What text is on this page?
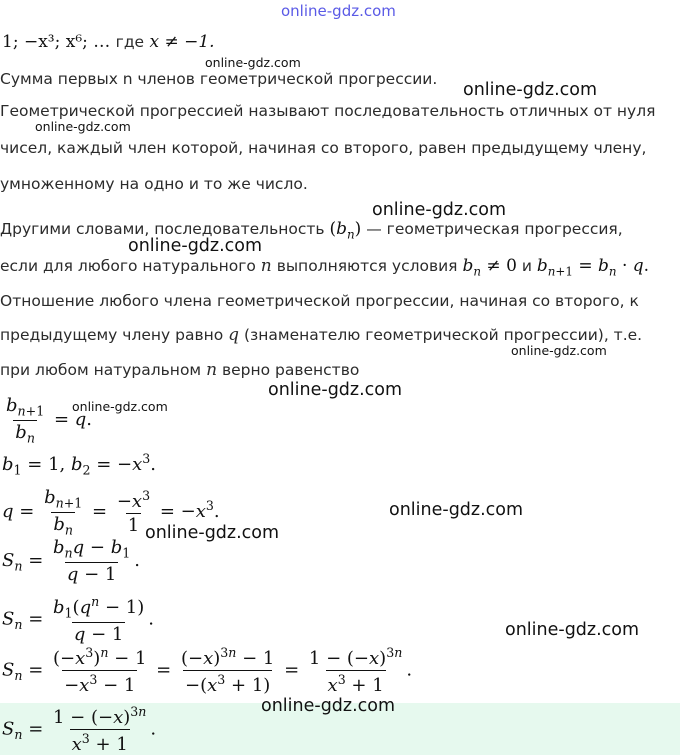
online-gdz.com
online-gdz.com
online-gdz.com
online-gdz.com
online-gdz.com
online-gdz.com
online-gdz.com
online-gdz.com
online-gdz.com
online-gdz.com
online-gdz.com
online-gdz.com
online-gdz.com
1; −x³; x⁶; … где x ≠ −1.
Сумма первых n членов геометрической прогрессии.
Геометрической прогрессией называют последовательность отличных от нуля
чисел, каждый член которой, начиная со второго, равен предыдущему члену,
умноженному на одно и то же число.
Другими словами, последовательность $(b_n)$ — геометрическая прогрессия,
если для любого натурального n выполняются условия $b_n \ne 0$ и $b_{n+1} = b_n \cdot q$.
Отношение любого члена геометрической прогрессии, начиная со второго, к
предыдущему члену равно q (знаменателю геометрической прогрессии), т.е.
при любом натуральном n верно равенство
$\frac{b_{n+1}}{b_n} = q$.
$b_1 = 1$, $b_2 = -x^3$.
$q = \frac{b_{n+1}}{b_n} = \frac{-x^3}{1} = -x^3$.
$S_n = \frac{b_nq - b_1}{q - 1}$ .
$S_n = \frac{b_1(q^n - 1)}{q - 1}$ .
$S_n = \frac{(-x^3)^n - 1}{-x^3 - 1} = \frac{(-x)^{3n} - 1}{-(x^3 + 1)} = \frac{1 - (-x)^{3n}}{x^3 + 1}$ .
$S_n = \frac{1 - (-x)^{3n}}{x^3 + 1}$ .
